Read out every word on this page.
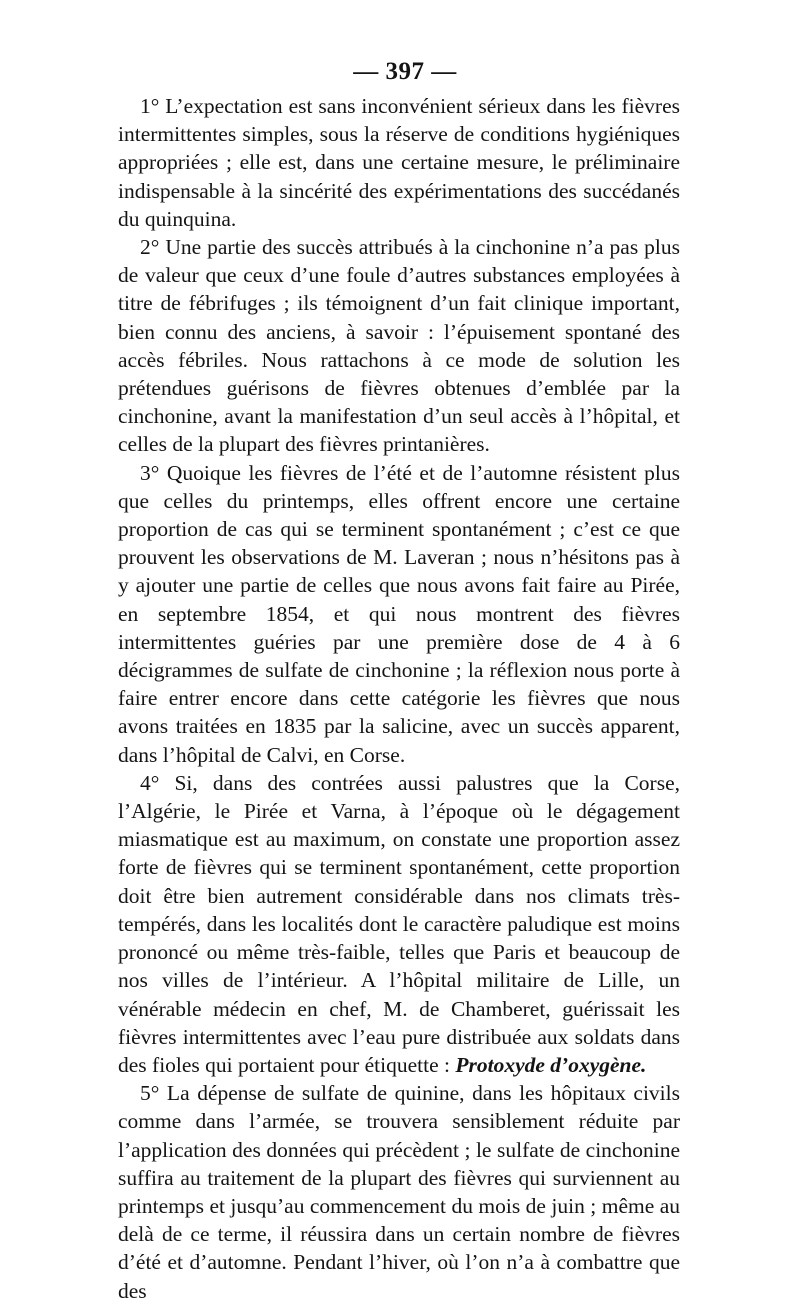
— 397 —

1° L’expectation est sans inconvénient sérieux dans les fièvres intermittentes simples, sous la réserve de conditions hygiéniques appropriées ; elle est, dans une certaine mesure, le préliminaire indispensable à la sincérité des expérimentations des succédanés du quinquina.

2° Une partie des succès attribués à la cinchonine n’a pas plus de valeur que ceux d’une foule d’autres substances employées à titre de fébrifuges ; ils témoignent d’un fait clinique important, bien connu des anciens, à savoir : l’épuisement spontané des accès fébriles. Nous rattachons à ce mode de solution les prétendues guérisons de fièvres obtenues d’emblée par la cinchonine, avant la manifestation d’un seul accès à l’hôpital, et celles de la plupart des fièvres printanières.

3° Quoique les fièvres de l’été et de l’automne résistent plus que celles du printemps, elles offrent encore une certaine proportion de cas qui se terminent spontanément ; c’est ce que prouvent les observations de M. Laveran ; nous n’hésitons pas à y ajouter une partie de celles que nous avons fait faire au Pirée, en septembre 1854, et qui nous montrent des fièvres intermittentes guéries par une première dose de 4 à 6 décigrammes de sulfate de cinchonine ; la réflexion nous porte à faire entrer encore dans cette catégorie les fièvres que nous avons traitées en 1835 par la salicine, avec un succès apparent, dans l’hôpital de Calvi, en Corse.

4° Si, dans des contrées aussi palustres que la Corse, l’Algérie, le Pirée et Varna, à l’époque où le dégagement miasmatique est au maximum, on constate une proportion assez forte de fièvres qui se terminent spontanément, cette proportion doit être bien autrement considérable dans nos climats très-tempérés, dans les localités dont le caractère paludique est moins prononcé ou même très-faible, telles que Paris et beaucoup de nos villes de l’intérieur. A l’hôpital militaire de Lille, un vénérable médecin en chef, M. de Chamberet, guérissait les fièvres intermittentes avec l’eau pure distribuée aux soldats dans des fioles qui portaient pour étiquette : Protoxyde d’oxygène.

5° La dépense de sulfate de quinine, dans les hôpitaux civils comme dans l’armée, se trouvera sensiblement réduite par l’application des données qui précèdent ; le sulfate de cinchonine suffira au traitement de la plupart des fièvres qui surviennent au printemps et jusqu’au commencement du mois de juin ; même au delà de ce terme, il réussira dans un certain nombre de fièvres d’été et d’automne. Pendant l’hiver, où l’on n’a à combattre que des
